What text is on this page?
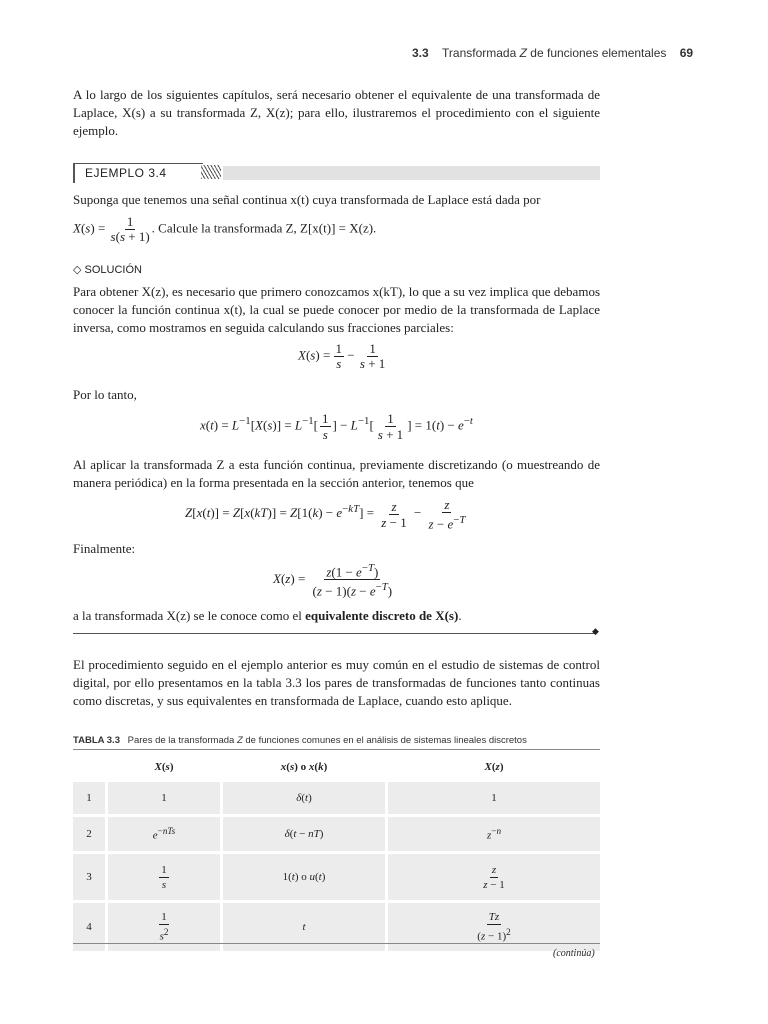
3.3 Transformada Z de funciones elementales 69
A lo largo de los siguientes capítulos, será necesario obtener el equivalente de una transformada de Laplace, X(s) a su transformada Z, X(z); para ello, ilustraremos el procedimiento con el siguiente ejemplo.
EJEMPLO 3.4
Suponga que tenemos una señal continua x(t) cuya transformada de Laplace está dada por
$X(s) = \frac{1}{s(s + 1)}$ . Calcule la transformada Z, Z[x(t)] = X(z).
◇ SOLUCIÓN
Para obtener X(z), es necesario que primero conozcamos x(kT), lo que a su vez implica que debamos conocer la función continua x(t), la cual se puede conocer por medio de la transformada de Laplace inversa, como mostramos en seguida calculando sus fracciones parciales:
$X(s) = \frac{1}{s} - \frac{1}{s + 1}$
Por lo tanto,
$x(t) = L^{-1}[X(s)] = L^{-1}[ \frac{1}{s}$ ] − $L^{-1}[ \frac{1}{s + 1}$ ] = $1(t) - e^{-t}$
Al aplicar la transformada Z a esta función continua, previamente discretizando (o muestreando de manera periódica) en la forma presentada en la sección anterior, tenemos que
$Z[x(t)] = Z[x(kT)] = Z[1(k) - e^{-kT}] = \frac{z}{z - 1} - \frac{z}{z - e^{-T}}$
Finalmente:
$X(z) = \frac{z(1 - e^{-T})}{(z - 1)(z - e^{-T})}$
a la transformada X(z) se le conoce como el equivalente discreto de X(s).
◆
El procedimiento seguido en el ejemplo anterior es muy común en el estudio de sistemas de control digital, por ello presentamos en la tabla 3.3 los pares de transformadas de funciones tanto continuas como discretas, y sus equivalentes en transformada de Laplace, cuando esto aplique.
TABLA 3.3 Pares de la transformada Z de funciones comunes en el análisis de sistemas lineales discretos
	X(s)	x(s) o x(k)	X(z)
1	1	δ(t)	1
2	$e^{-nTs}$	δ(t − nT)	$z^{-n}$
3	$\frac{1}{s}$	1(t) o u(t)	$\frac{z}{z - 1}$

4	$\frac{1}{s^2}$	t	$\frac{Tz}{(z - 1)^2}$
(continúa)
